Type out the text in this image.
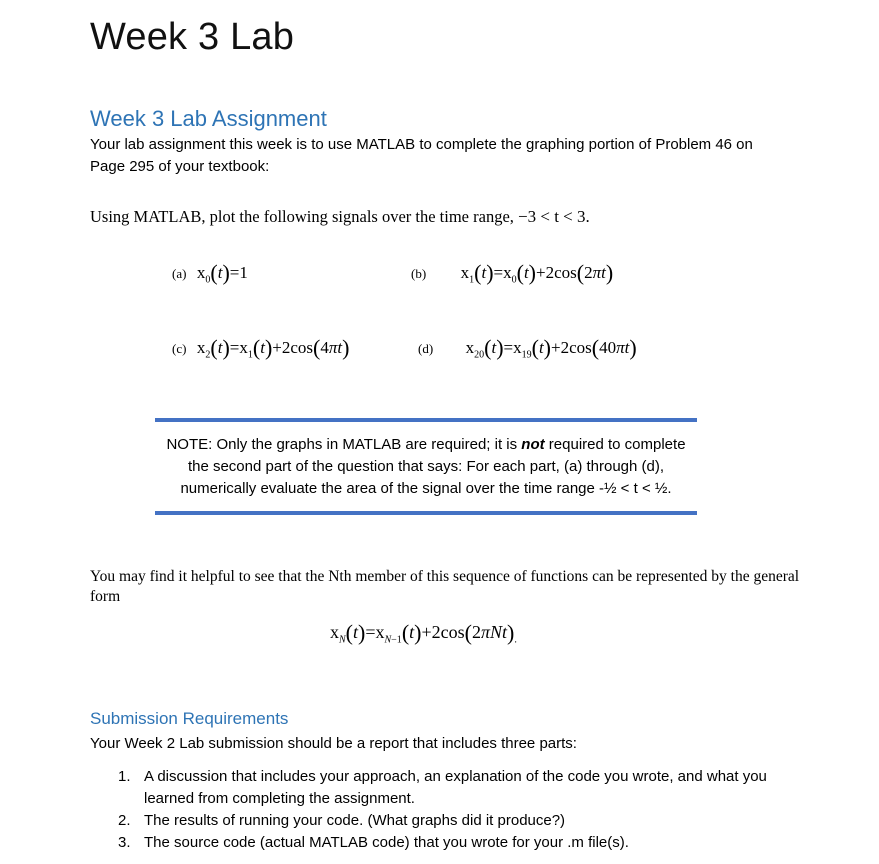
Week 3 Lab
Week 3 Lab Assignment
Your lab assignment this week is to use MATLAB to complete the graphing portion of Problem 46 on Page 295 of your textbook:
Using MATLAB, plot the following signals over the time range, −3 < t < 3.
(a) $x_0(t)=1$	(b) $x_1(t)=x_0(t)+2\cos(2\pi t)$
(c) $x_2(t)=x_1(t)+2\cos(4\pi t)$	(d) $x_{20}(t)=x_{19}(t)+2\cos(40\pi t)$
NOTE: Only the graphs in MATLAB are required; it is not required to complete the second part of the question that says: For each part, (a) through (d), numerically evaluate the area of the signal over the time range -½ < t < ½.
You may find it helpful to see that the Nth member of this sequence of functions can be represented by the general form
$x_N(t)=x_{N-1}(t)+2\cos(2\pi Nt)_.$
Submission Requirements
Your Week 2 Lab submission should be a report that includes three parts:
1. A discussion that includes your approach, an explanation of the code you wrote, and what you learned from completing the assignment.
2. The results of running your code. (What graphs did it produce?)
3. The source code (actual MATLAB code) that you wrote for your .m file(s).
